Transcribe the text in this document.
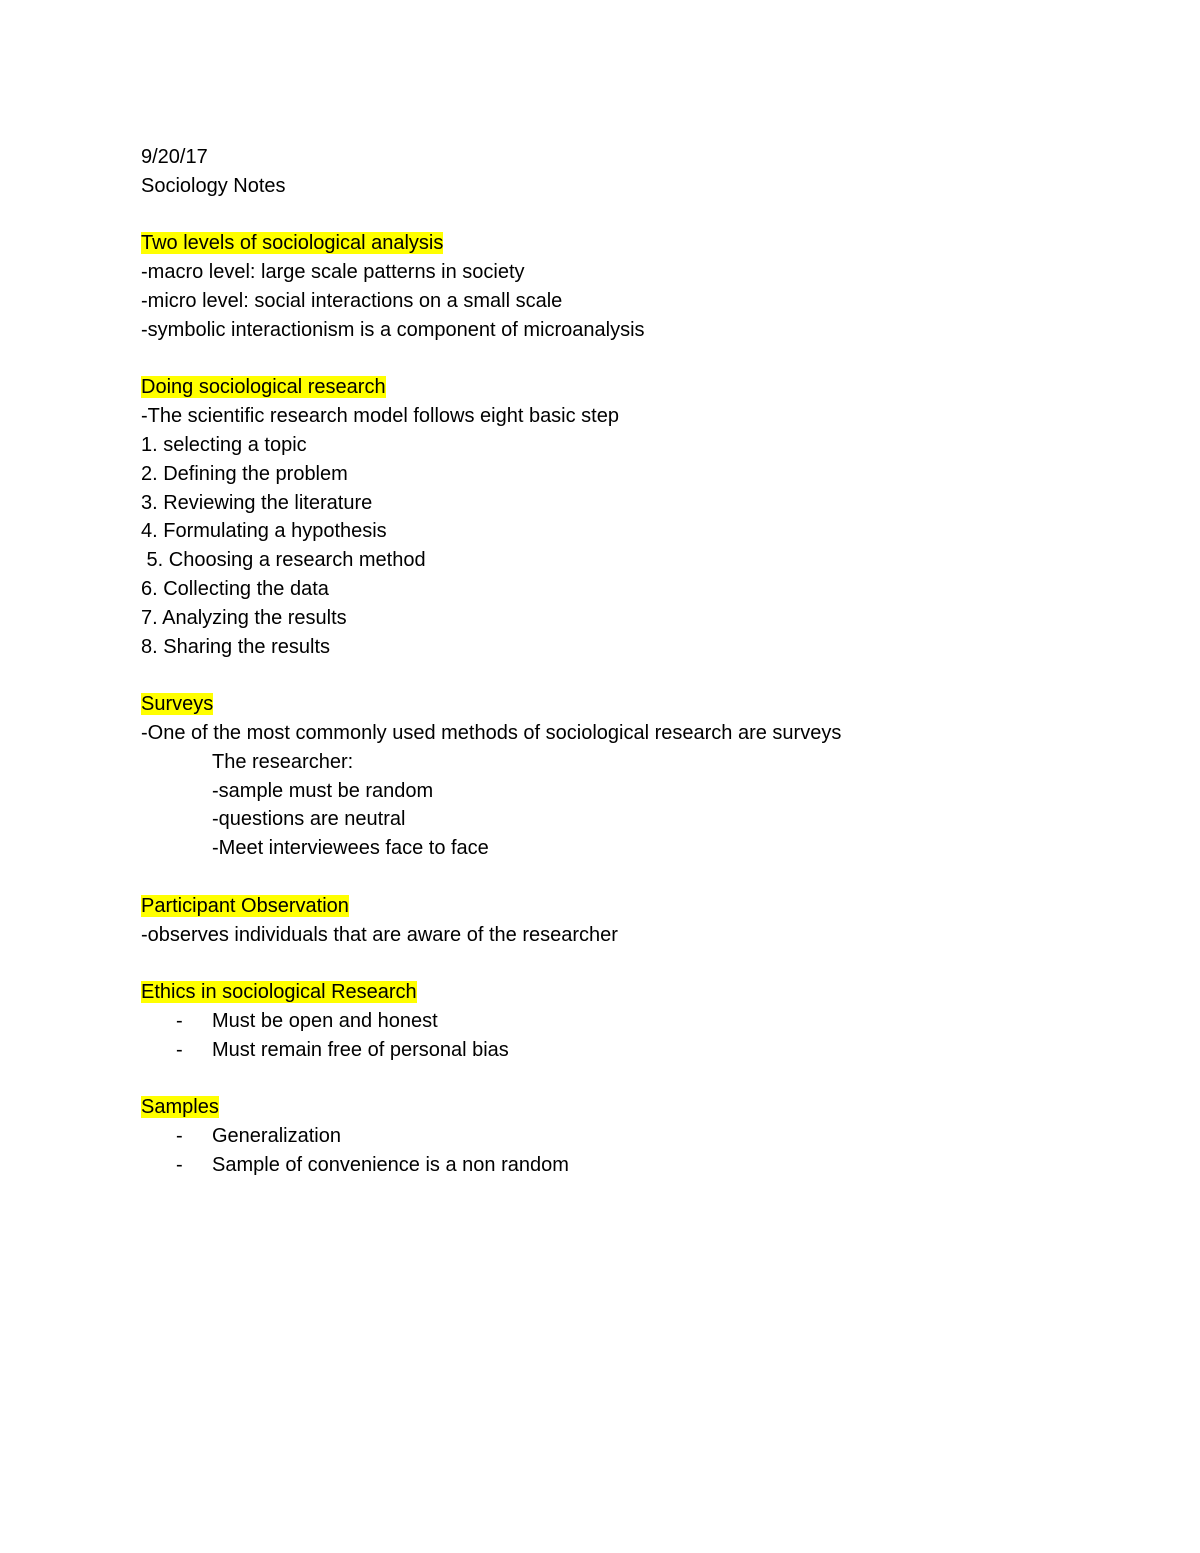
9/20/17
Sociology Notes
Two levels of sociological analysis
-macro level: large scale patterns in society
-micro level: social interactions on a small scale
-symbolic interactionism is a component of microanalysis
Doing sociological research
-The scientific research model follows eight basic step
1. selecting a topic
2. Defining the problem
3. Reviewing the literature
4. Formulating a hypothesis
5. Choosing a research method
6. Collecting the data
7. Analyzing the results
8. Sharing the results
Surveys
-One of the most commonly used methods of sociological research are surveys
The researcher:
-sample must be random
-questions are neutral
-Meet interviewees face to face
Participant Observation
-observes individuals that are aware of the researcher
Ethics in sociological Research
- Must be open and honest
- Must remain free of personal bias
Samples
- Generalization
- Sample of convenience is a non random
